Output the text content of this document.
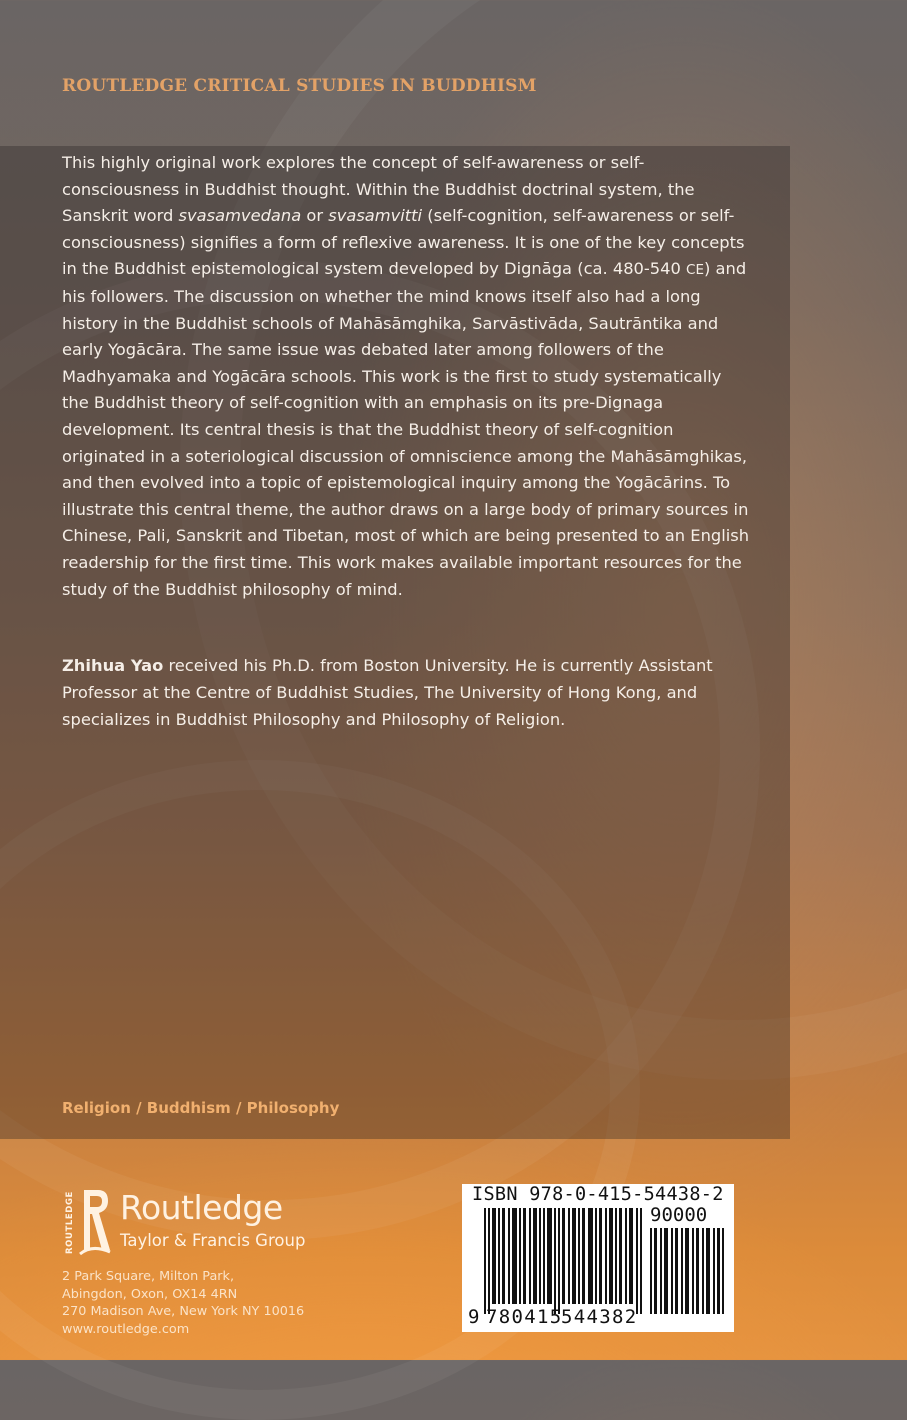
ROUTLEDGE CRITICAL STUDIES IN BUDDHISM

This highly original work explores the concept of self-awareness or self-consciousness in Buddhist thought. Within the Buddhist doctrinal system, the Sanskrit word svasamvedana or svasamvitti (self-cognition, self-awareness or self-consciousness) signifies a form of reflexive awareness. It is one of the key concepts in the Buddhist epistemological system developed by Dignāga (ca. 480-540 CE) and his followers. The discussion on whether the mind knows itself also had a long history in the Buddhist schools of Mahāsāmghika, Sarvāstivāda, Sautrāntika and early Yogācāra. The same issue was debated later among followers of the Madhyamaka and Yogācāra schools. This work is the first to study systematically the Buddhist theory of self-cognition with an emphasis on its pre-Dignaga development. Its central thesis is that the Buddhist theory of self-cognition originated in a soteriological discussion of omniscience among the Mahāsāmghikas, and then evolved into a topic of epistemological inquiry among the Yogācārins. To illustrate this central theme, the author draws on a large body of primary sources in Chinese, Pali, Sanskrit and Tibetan, most of which are being presented to an English readership for the first time. This work makes available important resources for the study of the Buddhist philosophy of mind.

Zhihua Yao received his Ph.D. from Boston University. He is currently Assistant Professor at the Centre of Buddhist Studies, The University of Hong Kong, and specializes in Buddhist Philosophy and Philosophy of Religion.

Religion / Buddhism / Philosophy

ROUTLEDGE Routledge
Taylor & Francis Group

2 Park Square, Milton Park,
Abingdon, Oxon, OX14 4RN
270 Madison Ave, New York NY 10016
www.routledge.com

ISBN 978-0-415-54438-2
90000
9 780415
544382
